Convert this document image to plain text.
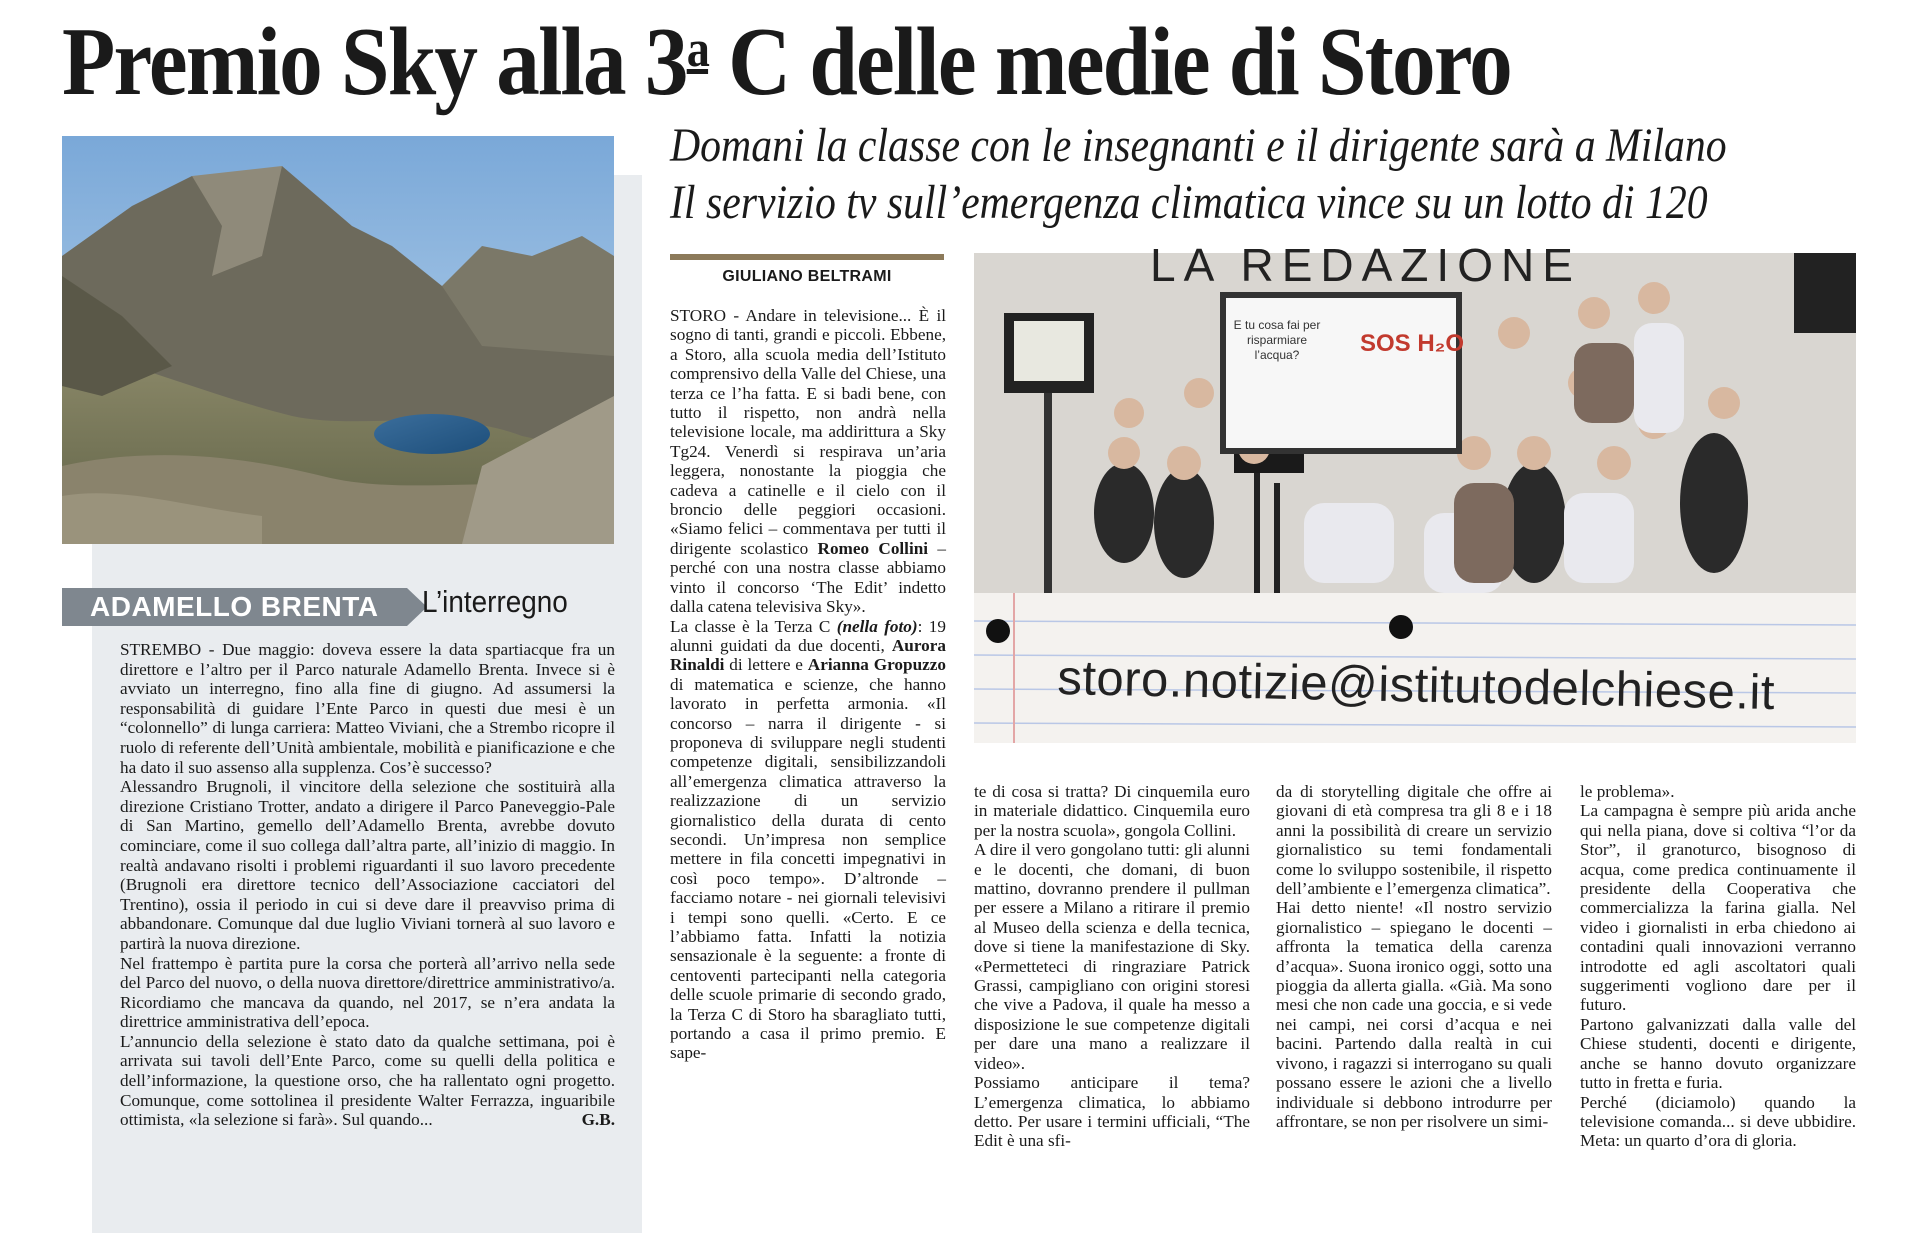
Premio Sky alla 3$^a$ C delle medie di Storo
Domani la classe con le insegnanti e il dirigente sarà a Milano
Il servizio tv sull’emergenza climatica vince su un lotto di 120
ADAMELLO BRENTA	L’interregno

STREMBO - Due maggio: doveva essere la data spartiacque fra un direttore e l’altro per il Parco naturale Adamello Brenta. Invece si è avviato un interregno, fino alla fine di giugno. Ad assumersi la responsabilità di guidare l’Ente Parco in questi due mesi è un “colonnello” di lunga carriera: Matteo Viviani, che a Strembo ricopre il ruolo di referente dell’Unità ambientale, mobilità e pianificazione e che ha dato il suo assenso alla supplenza. Cos’è successo?

Alessandro Brugnoli, il vincitore della selezione che sostituirà alla direzione Cristiano Trotter, andato a dirigere il Parco Paneveggio-Pale di San Martino, gemello dell’Adamello Brenta, avrebbe dovuto cominciare, come il suo collega dall’altra parte, all’inizio di maggio. In realtà andavano risolti i problemi riguardanti il suo lavoro precedente (Brugnoli era direttore tecnico dell’Associazione cacciatori del Trentino), ossia il periodo in cui si deve dare il preavviso prima di abbandonare. Comunque dal due luglio Viviani tornerà al suo lavoro e partirà la nuova direzione.

Nel frattempo è partita pure la corsa che porterà all’arrivo nella sede del Parco del nuovo, o della nuova direttore/direttrice amministrativo/a. Ricordiamo che mancava da quando, nel 2017, se n’era andata la direttrice amministrativa dell’epoca.

L’annuncio della selezione è stato dato da qualche settimana, poi è arrivata sui tavoli dell’Ente Parco, come su quelli della politica e dell’informazione, la questione orso, che ha rallentato ogni progetto. Comunque, come sottolinea il presidente Walter Ferrazza, inguaribile ottimista, «la selezione si farà». Sul quando...	G.B.

GIULIANO BELTRAMI

STORO - Andare in televisione... È il sogno di tanti, grandi e piccoli. Ebbene, a Storo, alla scuola media dell’Istituto comprensivo della Valle del Chiese, una terza ce l’ha fatta. E si badi bene, con tutto il rispetto, non andrà nella televisione locale, ma addirittura a Sky Tg24. Venerdì si respirava un’aria leggera, nonostante la pioggia che cadeva a catinelle e il cielo con il broncio delle peggiori occasioni. «Siamo felici – commentava per tutti il dirigente scolastico Romeo Collini – perché con una nostra classe abbiamo vinto il concorso ‘The Edit’ indetto dalla catena televisiva Sky».

La classe è la Terza C (nella foto): 19 alunni guidati da due docenti, Aurora Rinaldi di lettere e Arianna Gropuzzo di matematica e scienze, che hanno lavorato in perfetta armonia. «Il concorso – narra il dirigente - si proponeva di sviluppare negli studenti competenze digitali, sensibilizzandoli all’emergenza climatica attraverso la realizzazione di un servizio giornalistico della durata di cento secondi. Un’impresa non semplice mettere in fila concetti impegnativi in così poco tempo». D’altronde – facciamo notare - nei giornali televisivi i tempi sono quelli. «Certo. E ce l’abbiamo fatta. Infatti la notizia sensazionale è la seguente: a fronte di centoventi partecipanti nella categoria delle scuole primarie di secondo grado, la Terza C di Storo ha sbaragliato tutti, portando a casa il primo premio. E sape-

LA REDAZIONE
E tu cosa fai per risparmiare l’acqua?	SOS H₂O
storo.notizie@istitutodelchiese.it

te di cosa si tratta? Di cinquemila euro in materiale didattico. Cinquemila euro per la nostra scuola», gongola Collini.

A dire il vero gongolano tutti: gli alunni e le docenti, che domani, di buon mattino, dovranno prendere il pullman per essere a Milano a ritirare il premio al Museo della scienza e della tecnica, dove si tiene la manifestazione di Sky. «Permetteteci di ringraziare Patrick Grassi, campigliano con origini storesi che vive a Padova, il quale ha messo a disposizione le sue competenze digitali per dare una mano a realizzare il video».

Possiamo anticipare il tema? L’emergenza climatica, lo abbiamo detto. Per usare i termini ufficiali, “The Edit è una sfi-

da di storytelling digitale che offre ai giovani di età compresa tra gli 8 e i 18 anni la possibilità di creare un servizio giornalistico su temi fondamentali come lo sviluppo sostenibile, il rispetto dell’ambiente e l’emergenza climatica”.

Hai detto niente! «Il nostro servizio giornalistico – spiegano le docenti – affronta la tematica della carenza d’acqua». Suona ironico oggi, sotto una pioggia da allerta gialla. «Già. Ma sono mesi che non cade una goccia, e si vede nei campi, nei corsi d’acqua e nei bacini. Partendo dalla realtà in cui vivono, i ragazzi si interrogano su quali possano essere le azioni che a livello individuale si debbono introdurre per affrontare, se non per risolvere un simi-

le problema».

La campagna è sempre più arida anche qui nella piana, dove si coltiva “l’or da Stor”, il granoturco, bisognoso di acqua, come predica continuamente il presidente della Cooperativa che commercializza la farina gialla. Nel video i giornalisti in erba chiedono ai contadini quali innovazioni verranno introdotte ed agli ascoltatori quali suggerimenti vogliono dare per il futuro.

Partono galvanizzati dalla valle del Chiese studenti, docenti e dirigente, anche se hanno dovuto organizzare tutto in fretta e furia.

Perché (diciamolo) quando la televisione comanda... si deve ubbidire. Meta: un quarto d’ora di gloria.
